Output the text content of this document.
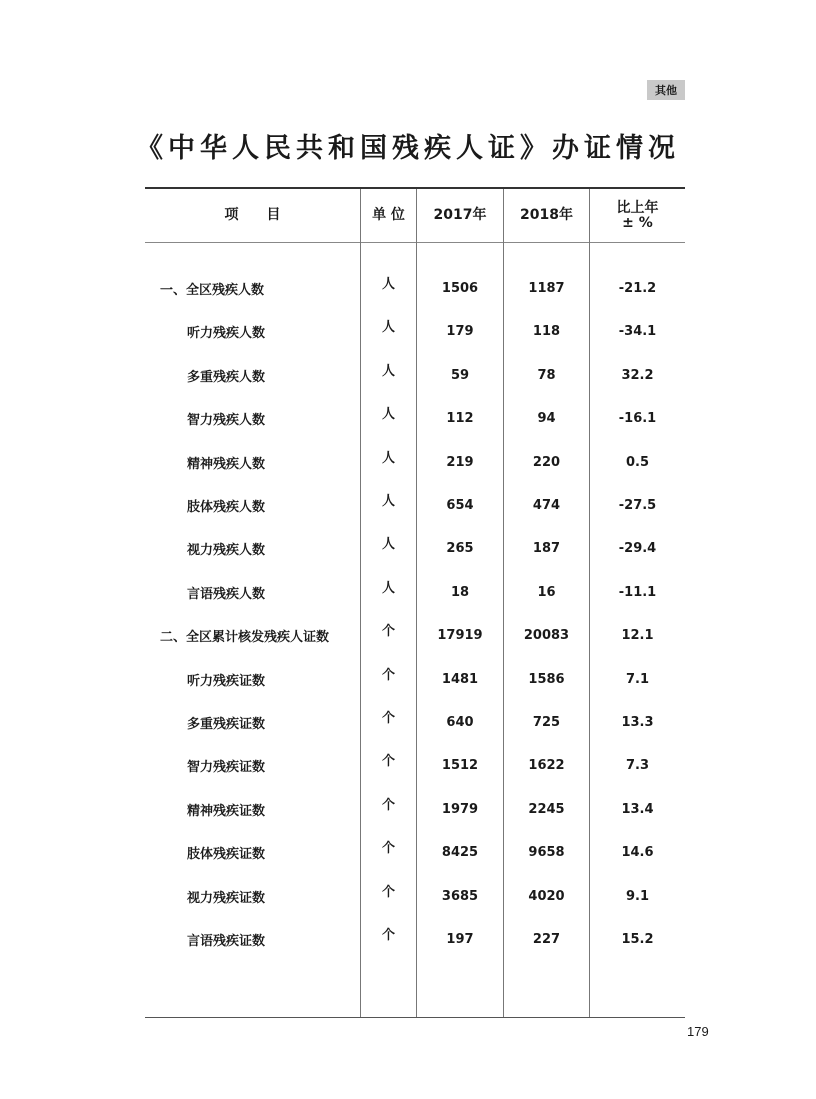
其他
《中华人民共和国残疾人证》办证情况
项　　目	单 位	2017年	2018年	比上年
± %
一、全区残疾人数	人	1506	1187	-21.2
听力残疾人数	人	179	118	-34.1
多重残疾人数	人	59	78	32.2
智力残疾人数	人	112	94	-16.1
精神残疾人数	人	219	220	0.5
肢体残疾人数	人	654	474	-27.5
视力残疾人数	人	265	187	-29.4
言语残疾人数	人	18	16	-11.1
二、全区累计核发残疾人证数	个	17919	20083	12.1
听力残疾证数	个	1481	1586	7.1
多重残疾证数	个	640	725	13.3
智力残疾证数	个	1512	1622	7.3
精神残疾证数	个	1979	2245	13.4
肢体残疾证数	个	8425	9658	14.6
视力残疾证数	个	3685	4020	9.1
言语残疾证数	个	197	227	15.2
179
